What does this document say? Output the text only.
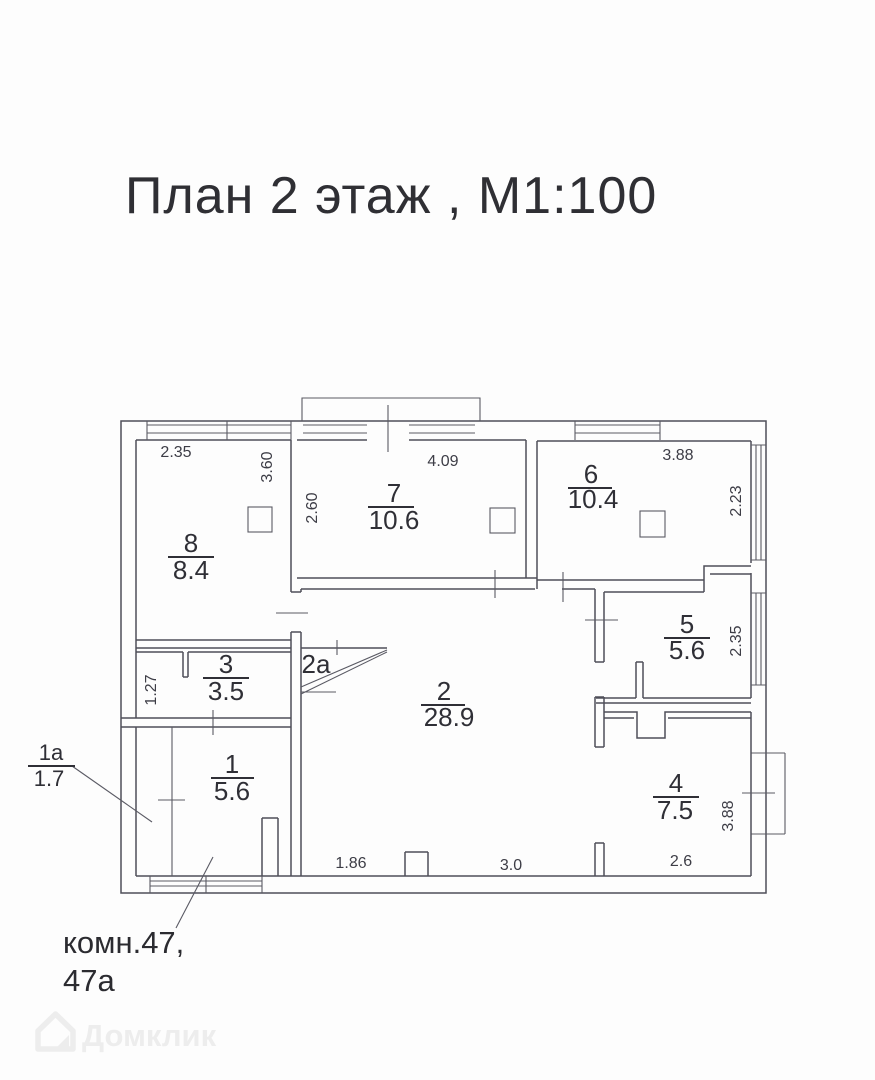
План 2 этаж , М1:100
8
8.4
7
10.6
6
10.4
5
5.6
4
7.5
3
3.5	2
28.9
1
5.6
1а
1.7
2а
2.35	3.60	4.09
2.60
3.88
2.23
2.35
1.27
3.88
1.86	3.0	2.6
комн.47,
47а
Домклик
